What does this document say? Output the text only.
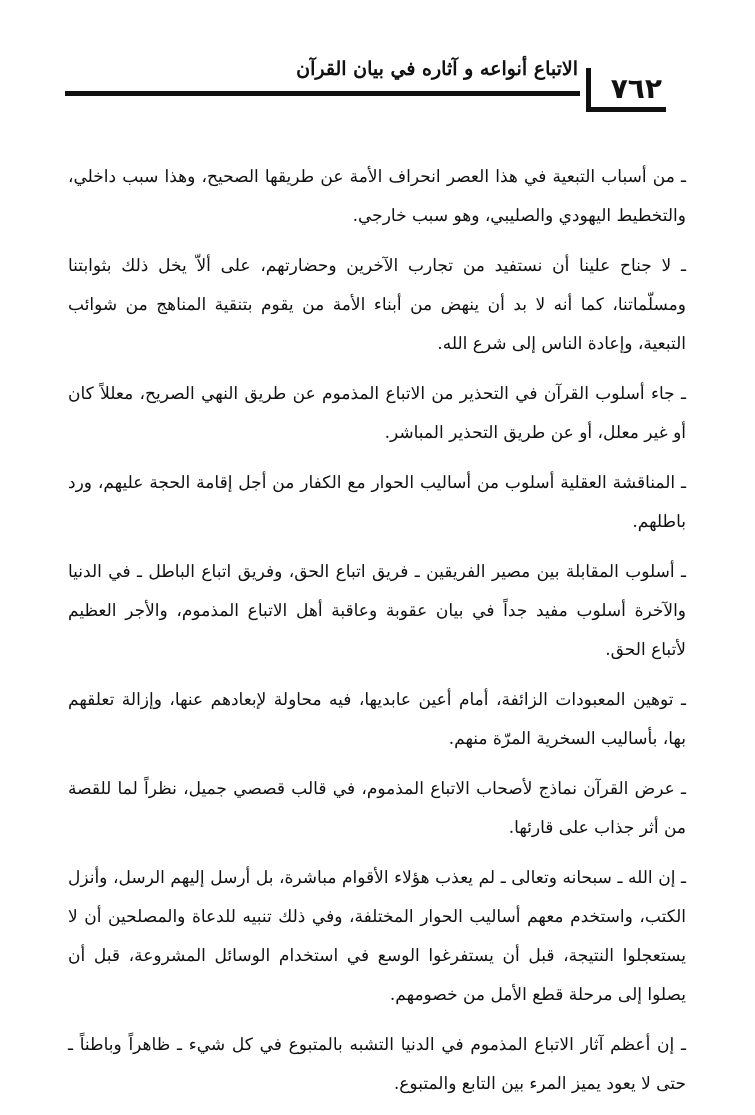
الاتباع أنواعه و آثاره في بيان القرآن
٧٦٢

ـ من أسباب التبعية في هذا العصر انحراف الأمة عن طريقها الصحيح، وهذا سبب داخلي، والتخطيط اليهودي والصليبي، وهو سبب خارجي.

ـ لا جناح علينا أن نستفيد من تجارب الآخرين وحضارتهم، على ألاّ يخل ذلك بثوابتنا ومسلّماتنا، كما أنه لا بد أن ينهض من أبناء الأمة من يقوم بتنقية المناهج من شوائب التبعية، وإعادة الناس إلى شرع الله.

ـ جاء أسلوب القرآن في التحذير من الاتباع المذموم عن طريق النهي الصريح، معللاً كان أو غير معلل، أو عن طريق التحذير المباشر.

ـ المناقشة العقلية أسلوب من أساليب الحوار مع الكفار من أجل إقامة الحجة عليهم، ورد باطلهم.

ـ أسلوب المقابلة بين مصير الفريقين ـ فريق اتباع الحق، وفريق اتباع الباطل ـ في الدنيا والآخرة أسلوب مفيد جداً في بيان عقوبة وعاقبة أهل الاتباع المذموم، والأجر العظيم لأتباع الحق.

ـ توهين المعبودات الزائفة، أمام أعين عابديها، فيه محاولة لإبعادهم عنها، وإزالة تعلقهم بها، بأساليب السخرية المرّة منهم.

ـ عرض القرآن نماذج لأصحاب الاتباع المذموم، في قالب قصصي جميل، نظراً لما للقصة من أثر جذاب على قارئها.

ـ إن الله ـ سبحانه وتعالى ـ لم يعذب هؤلاء الأقوام مباشرة، بل أرسل إليهم الرسل، وأنزل الكتب، واستخدم معهم أساليب الحوار المختلفة، وفي ذلك تنبيه للدعاة والمصلحين أن لا يستعجلوا النتيجة، قبل أن يستفرغوا الوسع في استخدام الوسائل المشروعة، قبل أن يصلوا إلى مرحلة قطع الأمل من خصومهم.

ـ إن أعظم آثار الاتباع المذموم في الدنيا التشبه بالمتبوع في كل شيء ـ ظاهراً وباطناً ـ حتى لا يعود يميز المرء بين التابع والمتبوع.
